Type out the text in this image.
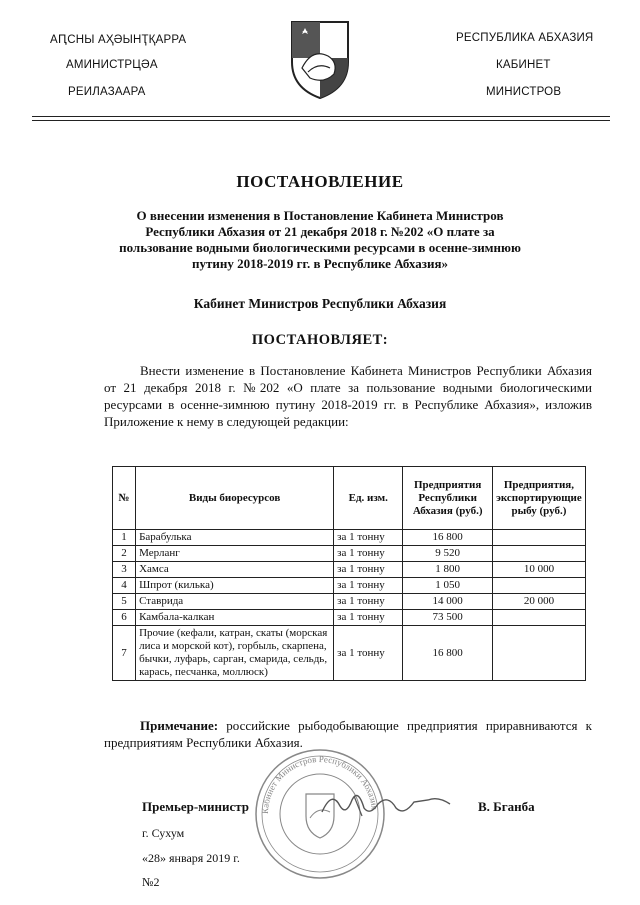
АԤСНЫ АҲӘЫНҬҚАРРА
АМИНИСТРЦӘА
РЕИЛАЗААРА
РЕСПУБЛИКА АБХАЗИЯ
КАБИНЕТ
МИНИСТРОВ
ПОСТАНОВЛЕНИЕ
О внесении изменения в Постановление Кабинета Министров Республики Абхазия от 21 декабря 2018 г. №202 «О плате за пользование водными биологическими ресурсами в осенне-зимнюю путину 2018-2019 гг. в Республике Абхазия»
Кабинет Министров Республики Абхазия
ПОСТАНОВЛЯЕТ:
Внести изменение в Постановление Кабинета Министров Республики Абхазия от 21 декабря 2018 г. №202 «О плате за пользование водными биологическими ресурсами в осенне-зимнюю путину 2018-2019 гг. в Республике Абхазия», изложив Приложение к нему в следующей редакции:
№	Виды биоресурсов	Ед. изм.	Предприятия Республики Абхазия (руб.)	Предприятия, экспортирующие рыбу (руб.)
1	Барабулька	за 1 тонну	16 800	
2	Мерланг	за 1 тонну	9 520	
3	Хамса	за 1 тонну	1 800	10 000
4	Шпрот (килька)	за 1 тонну	1 050	
5	Ставрида	за 1 тонну	14 000	20 000
6	Камбала-калкан	за 1 тонну	73 500	
7	Прочие (кефали, катран, скаты (морская лиса и морской кот), горбыль, скарпена, бычки, луфарь, сарган, смарида, сельдь, карась, песчанка, моллюск)	за 1 тонну	16 800	
Примечание: российские рыбодобывающие предприятия приравниваются к предприятиям Республики Абхазия.
Кабинет Министров Республики Абхазия
Премьер-министр	В. Бганба
г. Сухум
«28» января 2019 г.
№2
